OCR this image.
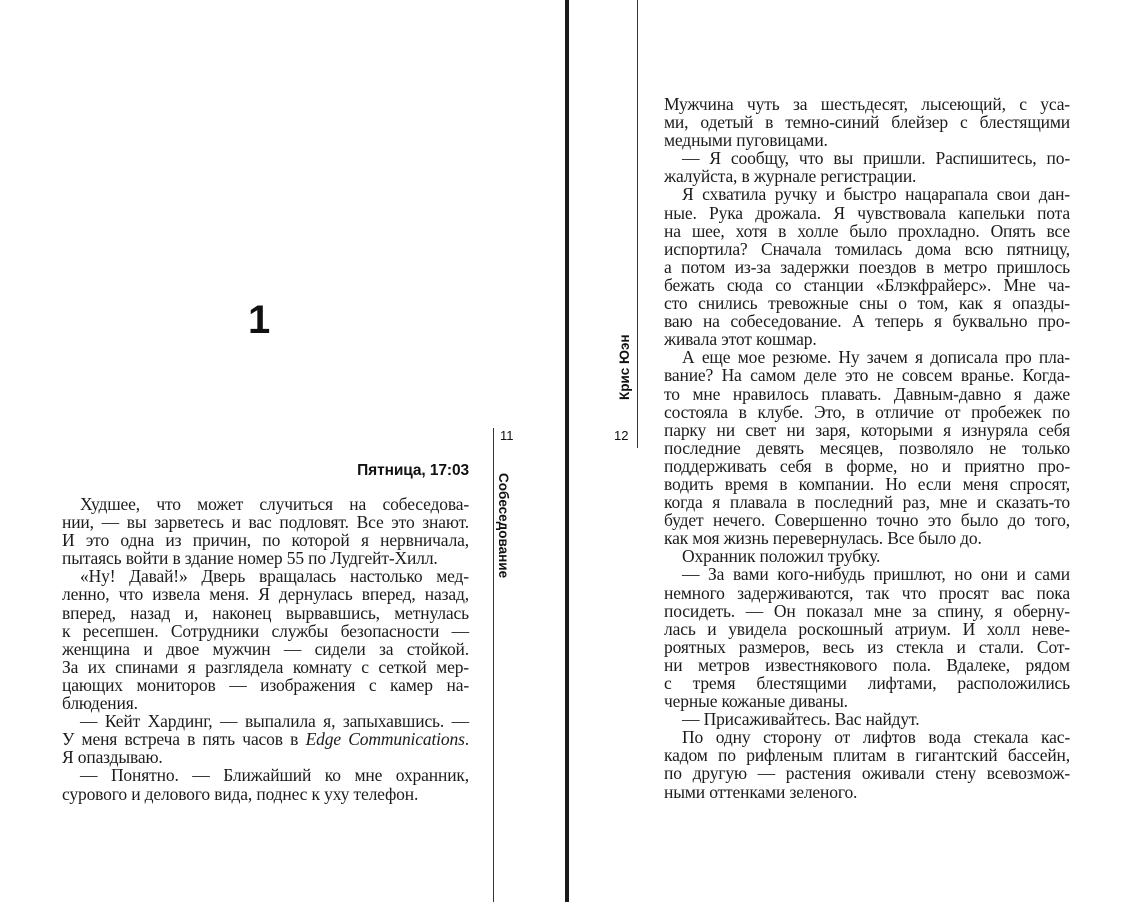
1
Пятница, 17:03
Худшее, что может случиться на собеседова-
нии, — вы зарветесь и вас подловят. Все это знают.
И это одна из причин, по которой я нервничала,
пытаясь войти в здание номер 55 по Лудгейт-Хилл.
«Ну! Давай!» Дверь вращалась настолько мед-
ленно, что извела меня. Я дернулась вперед, назад,
вперед, назад и, наконец вырвавшись, метнулась
к ресепшен. Сотрудники службы безопасности —
женщина и двое мужчин — сидели за стойкой.
За их спинами я разглядела комнату с сеткой мер-
цающих мониторов — изображения с камер на-
блюдения.
— Кейт Хардинг, — выпалила я, запыхавшись. —
У меня встреча в пять часов в Edge Communications.
Я опаздываю.
— Понятно. — Ближайший ко мне охранник,
сурового и делового вида, поднес к уху телефон.
11
Собеседование
12
Крис Юэн
Мужчина чуть за шестьдесят, лысеющий, с уса-
ми, одетый в темно-синий блейзер с блестящими
медными пуговицами.
— Я сообщу, что вы пришли. Распишитесь, по-
жалуйста, в журнале регистрации.
Я схватила ручку и быстро нацарапала свои дан-
ные. Рука дрожала. Я чувствовала капельки пота
на шее, хотя в холле было прохладно. Опять все
испортила? Сначала томилась дома всю пятницу,
а потом из-за задержки поездов в метро пришлось
бежать сюда со станции «Блэкфрайерс». Мне ча-
сто снились тревожные сны о том, как я опазды-
ваю на собеседование. А теперь я буквально про-
живала этот кошмар.
А еще мое резюме. Ну зачем я дописала про пла-
вание? На самом деле это не совсем вранье. Когда-
то мне нравилось плавать. Давным-давно я даже
состояла в клубе. Это, в отличие от пробежек по
парку ни свет ни заря, которыми я изнуряла себя
последние девять месяцев, позволяло не только
поддерживать себя в форме, но и приятно про-
водить время в компании. Но если меня спросят,
когда я плавала в последний раз, мне и сказать-то
будет нечего. Совершенно точно это было до того,
как моя жизнь перевернулась. Все было до.
Охранник положил трубку.
— За вами кого-нибудь пришлют, но они и сами
немного задерживаются, так что просят вас пока
посидеть. — Он показал мне за спину, я оберну-
лась и увидела роскошный атриум. И холл неве-
роятных размеров, весь из стекла и стали. Сот-
ни метров известнякового пола. Вдалеке, рядом
с тремя блестящими лифтами, расположились
черные кожаные диваны.
— Присаживайтесь. Вас найдут.
По одну сторону от лифтов вода стекала кас-
кадом по рифленым плитам в гигантский бассейн,
по другую — растения оживали стену всевозмож-
ными оттенками зеленого.
